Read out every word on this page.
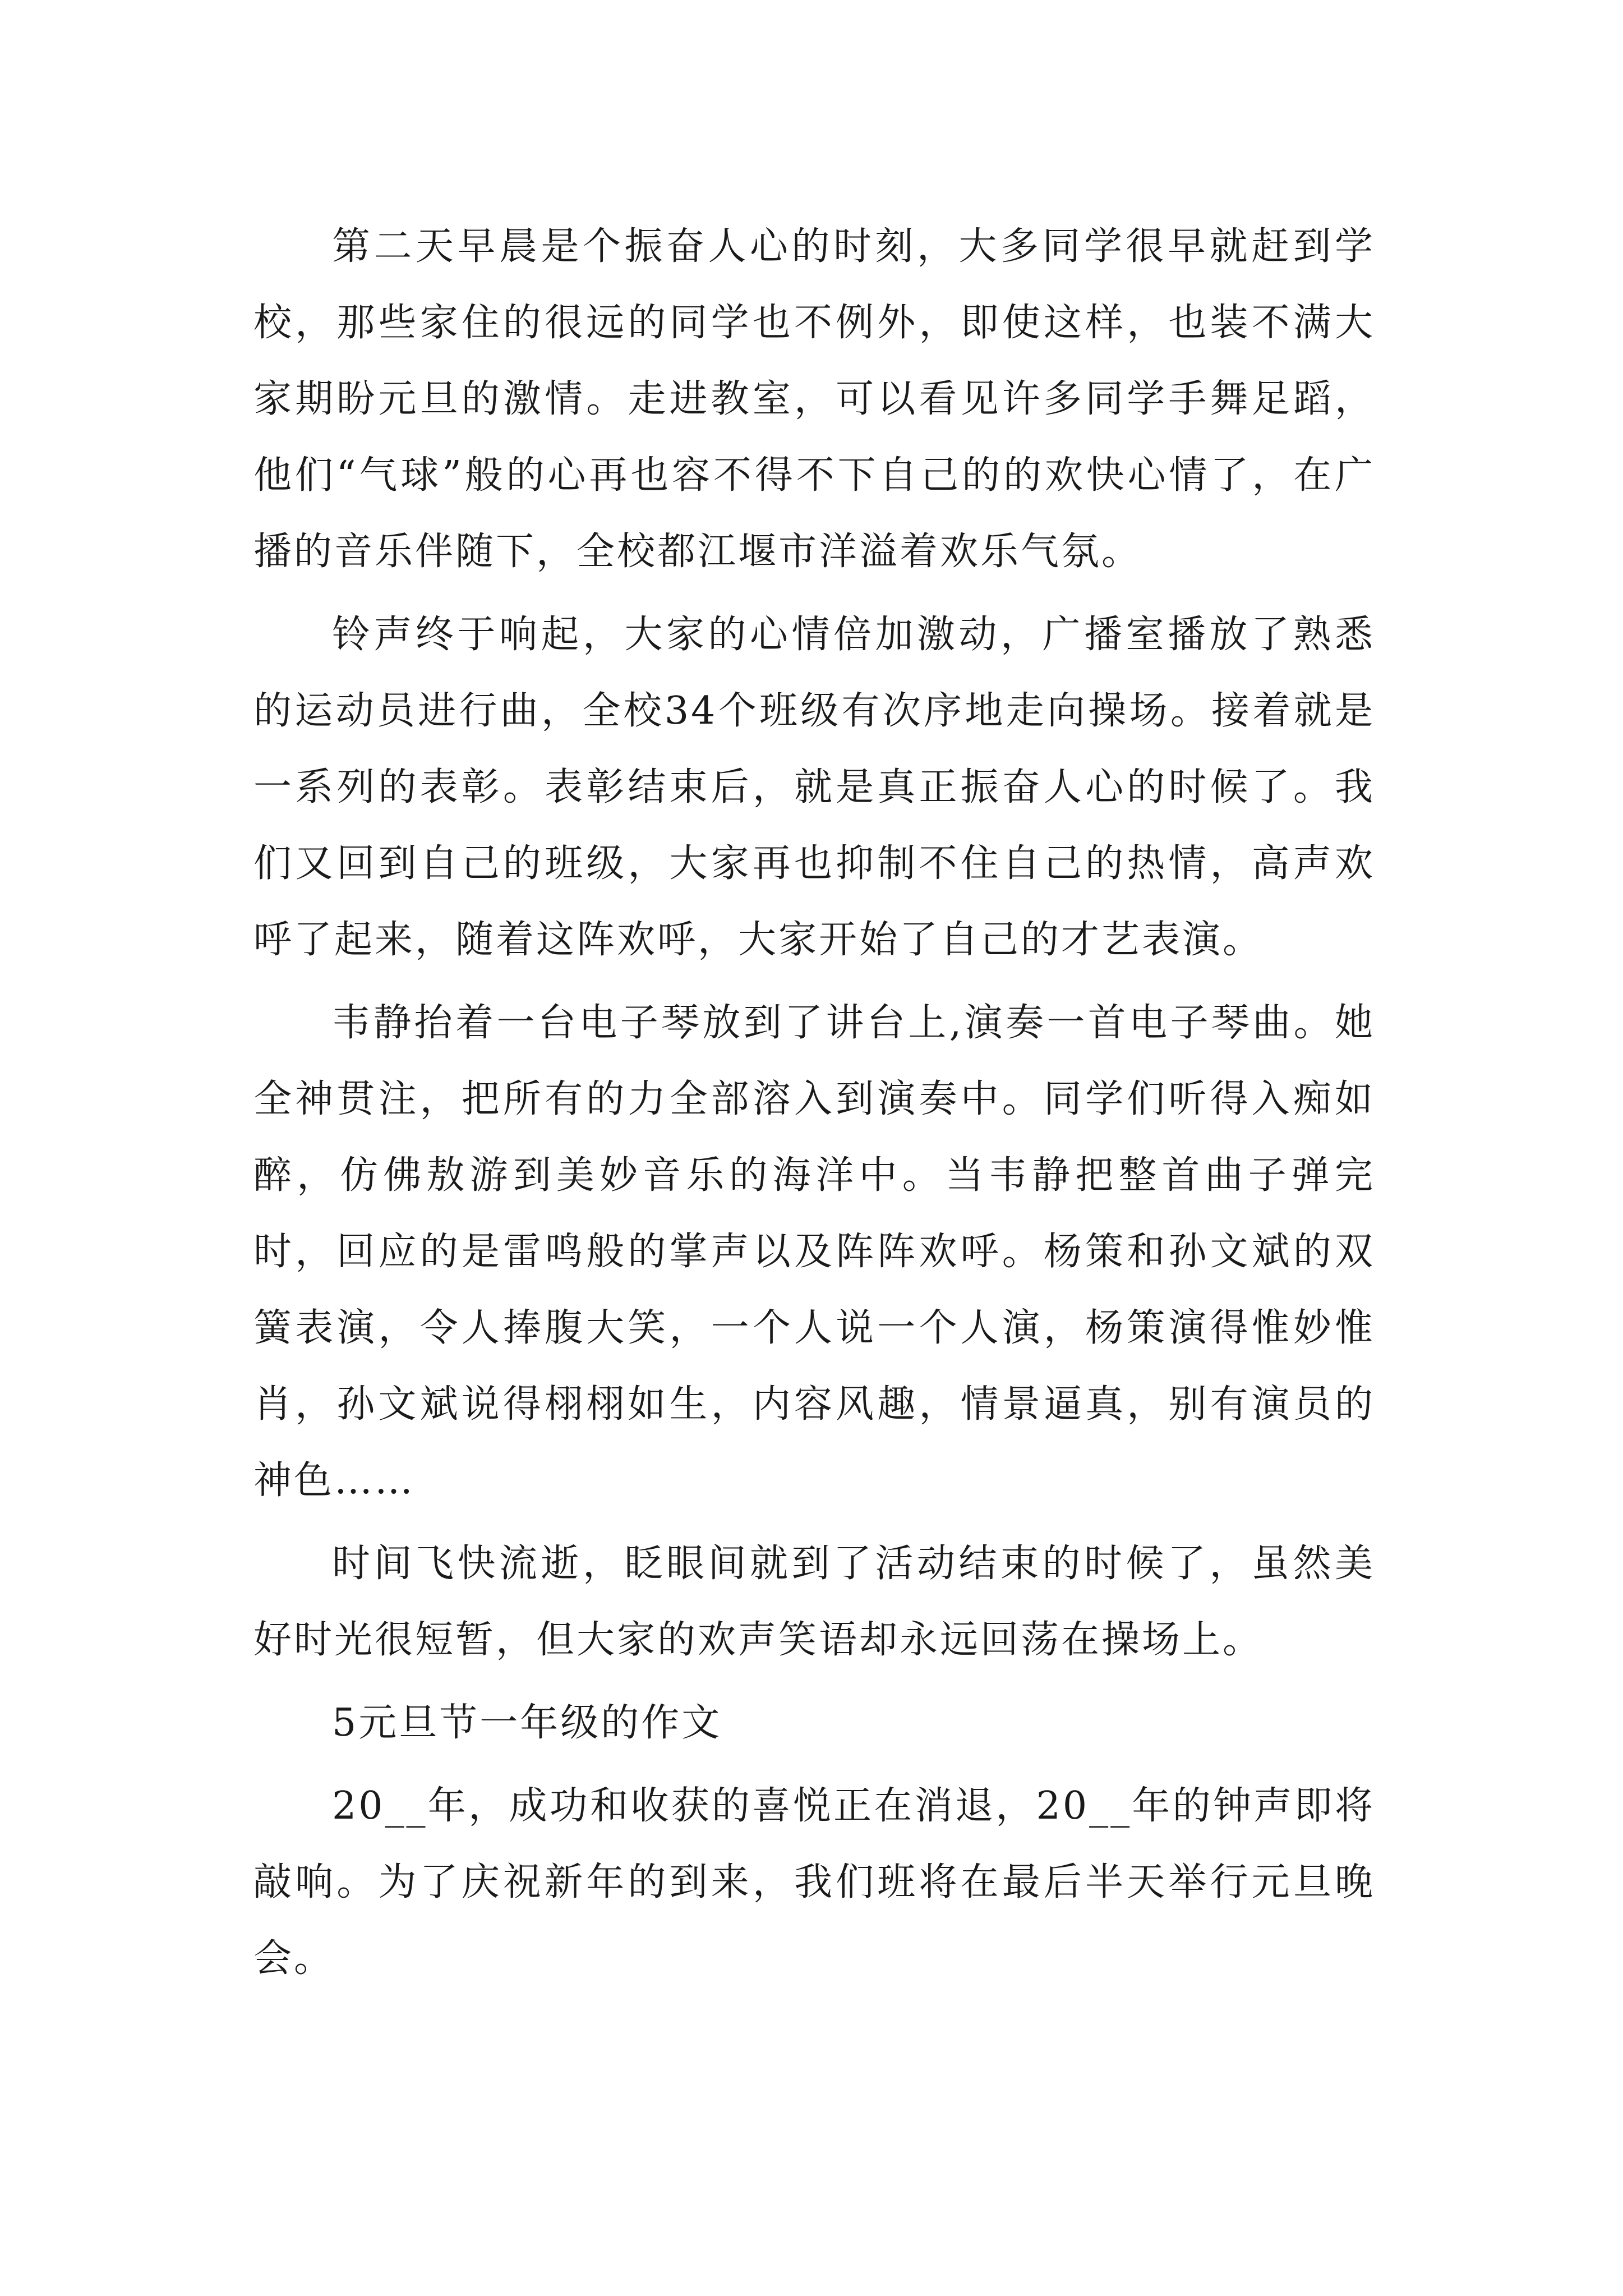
第二天早晨是个振奋人心的时刻，大多同学很早就赶到学校，那些家住的很远的同学也不例外，即使这样，也装不满大家期盼元旦的激情。走进教室，可以看见许多同学手舞足蹈，他们“气球”般的心再也容不得不下自己的的欢快心情了，在广播的音乐伴随下，全校都江堰市洋溢着欢乐气氛。

铃声终于响起，大家的心情倍加激动，广播室播放了熟悉的运动员进行曲，全校34个班级有次序地走向操场。接着就是一系列的表彰。表彰结束后，就是真正振奋人心的时候了。我们又回到自己的班级，大家再也抑制不住自己的热情，高声欢呼了起来，随着这阵欢呼，大家开始了自己的才艺表演。

韦静抬着一台电子琴放到了讲台上,演奏一首电子琴曲。她全神贯注，把所有的力全部溶入到演奏中。同学们听得入痴如醉，仿佛敖游到美妙音乐的海洋中。当韦静把整首曲子弹完时，回应的是雷鸣般的掌声以及阵阵欢呼。杨策和孙文斌的双簧表演，令人捧腹大笑，一个人说一个人演，杨策演得惟妙惟肖，孙文斌说得栩栩如生，内容风趣，情景逼真，别有演员的神色……

时间飞快流逝，眨眼间就到了活动结束的时候了，虽然美好时光很短暂，但大家的欢声笑语却永远回荡在操场上。

5元旦节一年级的作文

20__年，成功和收获的喜悦正在消退，20__年的钟声即将敲响。为了庆祝新年的到来，我们班将在最后半天举行元旦晚会。
